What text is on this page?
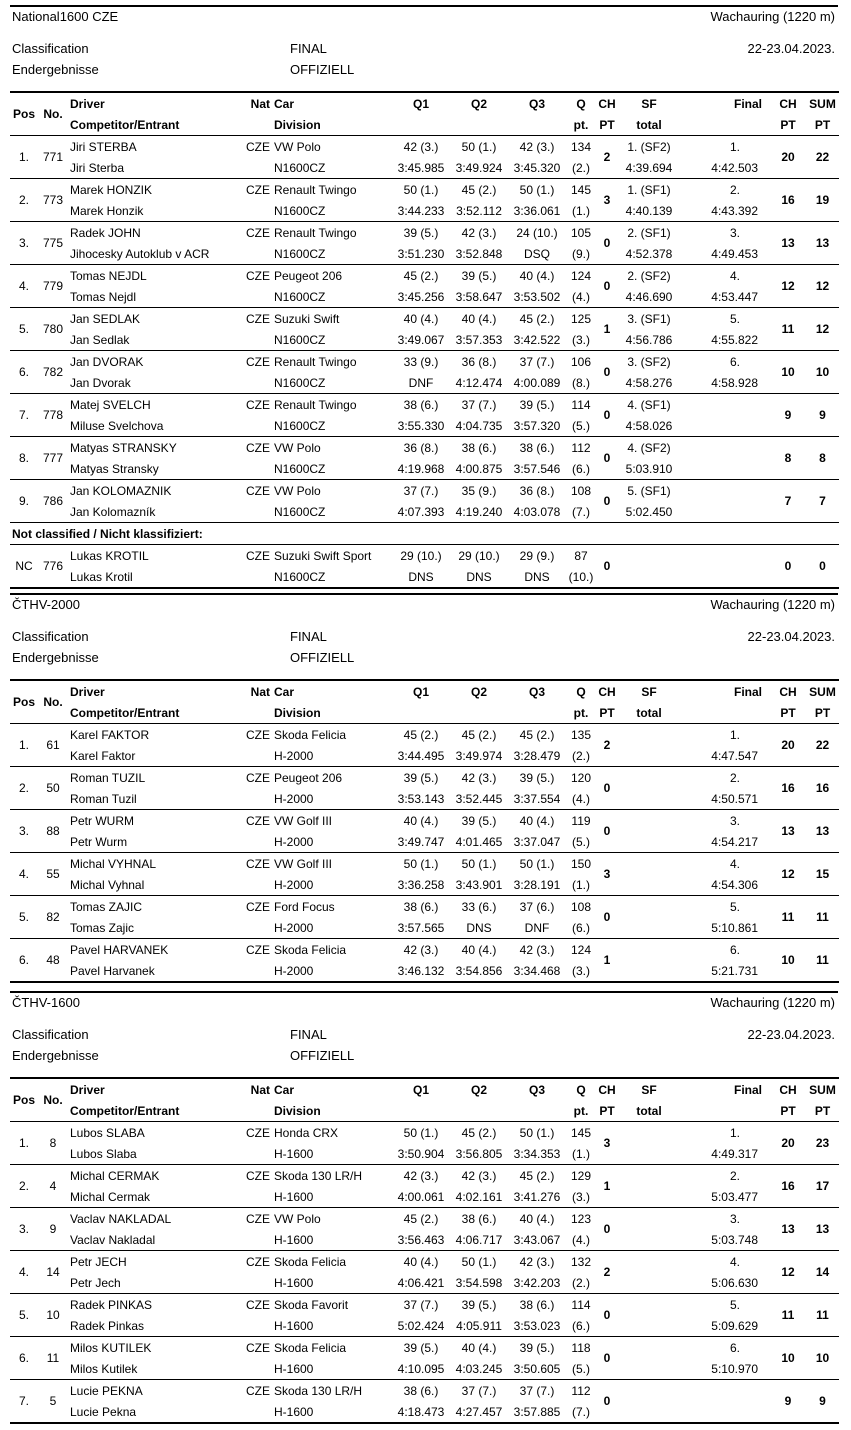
National1600 CZE	Wachauring (1220 m)
Classification
Endergebnisse
FINAL
OFFIZIELL
22-23.04.2023.
Pos	No.	Driver	Nat	Car	Q1	Q2	Q3	Q	CH	SF	Final	CH	SUM
		Competitor/Entrant		Division				pt.	PT	total		PT	PT
1.	771	Jiri STERBA	CZE	VW Polo	42 (3.)	50 (1.)	42 (3.)	134	2	1. (SF2)	1.	20	22
		Jiri Sterba		N1600CZ	3:45.985	3:49.924	3:45.320	(2.)		4:39.694	4:42.503		
2.	773	Marek HONZIK	CZE	Renault Twingo	50 (1.)	45 (2.)	50 (1.)	145	3	1. (SF1)	2.	16	19
		Marek Honzik		N1600CZ	3:44.233	3:52.112	3:36.061	(1.)		4:40.139	4:43.392		
3.	775	Radek JOHN	CZE	Renault Twingo	39 (5.)	42 (3.)	24 (10.)	105	0	2. (SF1)	3.	13	13
		Jihocesky Autoklub v ACR		N1600CZ	3:51.230	3:52.848	DSQ	(9.)		4:52.378	4:49.453		
4.	779	Tomas NEJDL	CZE	Peugeot 206	45 (2.)	39 (5.)	40 (4.)	124	0	2. (SF2)	4.	12	12
		Tomas Nejdl		N1600CZ	3:45.256	3:58.647	3:53.502	(4.)		4:46.690	4:53.447		
5.	780	Jan SEDLAK	CZE	Suzuki Swift	40 (4.)	40 (4.)	45 (2.)	125	1	3. (SF1)	5.	11	12
		Jan Sedlak		N1600CZ	3:49.067	3:57.353	3:42.522	(3.)		4:56.786	4:55.822		
6.	782	Jan DVORAK	CZE	Renault Twingo	33 (9.)	36 (8.)	37 (7.)	106	0	3. (SF2)	6.	10	10
		Jan Dvorak		N1600CZ	DNF	4:12.474	4:00.089	(8.)		4:58.276	4:58.928		
7.	778	Matej SVELCH	CZE	Renault Twingo	38 (6.)	37 (7.)	39 (5.)	114	0	4. (SF1)		9	9
		Miluse Svelchova		N1600CZ	3:55.330	4:04.735	3:57.320	(5.)		4:58.026			
8.	777	Matyas STRANSKY	CZE	VW Polo	36 (8.)	38 (6.)	38 (6.)	112	0	4. (SF2)		8	8
		Matyas Stransky		N1600CZ	4:19.968	4:00.875	3:57.546	(6.)		5:03.910			
9.	786	Jan KOLOMAZNIK	CZE	VW Polo	37 (7.)	35 (9.)	36 (8.)	108	0	5. (SF1)		7	7
		Jan Kolomazník		N1600CZ	4:07.393	4:19.240	4:03.078	(7.)		5:02.450			
Not classified / Nicht klassifiziert:													
NC	776	Lukas KROTIL	CZE	Suzuki Swift Sport	29 (10.)	29 (10.)	29 (9.)	87	0			0	0
		Lukas Krotil		N1600CZ	DNS	DNS	DNS	(10.)					
ČTHV-2000	Wachauring (1220 m)
Classification
Endergebnisse
FINAL
OFFIZIELL
22-23.04.2023.
Pos	No.	Driver	Nat	Car	Q1	Q2	Q3	Q	CH	SF	Final	CH	SUM
		Competitor/Entrant		Division				pt.	PT	total		PT	PT
1.	61	Karel FAKTOR	CZE	Skoda Felicia	45 (2.)	45 (2.)	45 (2.)	135	2		1.	20	22
		Karel Faktor		H-2000	3:44.495	3:49.974	3:28.479	(2.)			4:47.547		
2.	50	Roman TUZIL	CZE	Peugeot 206	39 (5.)	42 (3.)	39 (5.)	120	0		2.	16	16
		Roman Tuzil		H-2000	3:53.143	3:52.445	3:37.554	(4.)			4:50.571		
3.	88	Petr WURM	CZE	VW Golf III	40 (4.)	39 (5.)	40 (4.)	119	0		3.	13	13
		Petr Wurm		H-2000	3:49.747	4:01.465	3:37.047	(5.)			4:54.217		
4.	55	Michal VYHNAL	CZE	VW Golf III	50 (1.)	50 (1.)	50 (1.)	150	3		4.	12	15
		Michal Vyhnal		H-2000	3:36.258	3:43.901	3:28.191	(1.)			4:54.306		
5.	82	Tomas ZAJIC	CZE	Ford Focus	38 (6.)	33 (6.)	37 (6.)	108	0		5.	11	11
		Tomas Zajic		H-2000	3:57.565	DNS	DNF	(6.)			5:10.861		
6.	48	Pavel HARVANEK	CZE	Skoda Felicia	42 (3.)	40 (4.)	42 (3.)	124	1		6.	10	11
		Pavel Harvanek		H-2000	3:46.132	3:54.856	3:34.468	(3.)			5:21.731		
ČTHV-1600	Wachauring (1220 m)
Classification
Endergebnisse
FINAL
OFFIZIELL
22-23.04.2023.
Pos	No.	Driver	Nat	Car	Q1	Q2	Q3	Q	CH	SF	Final	CH	SUM
		Competitor/Entrant		Division				pt.	PT	total		PT	PT
1.	8	Lubos SLABA	CZE	Honda CRX	50 (1.)	45 (2.)	50 (1.)	145	3		1.	20	23
		Lubos Slaba		H-1600	3:50.904	3:56.805	3:34.353	(1.)			4:49.317		
2.	4	Michal CERMAK	CZE	Skoda 130 LR/H	42 (3.)	42 (3.)	45 (2.)	129	1		2.	16	17
		Michal Cermak		H-1600	4:00.061	4:02.161	3:41.276	(3.)			5:03.477		
3.	9	Vaclav NAKLADAL	CZE	VW Polo	45 (2.)	38 (6.)	40 (4.)	123	0		3.	13	13
		Vaclav Nakladal		H-1600	3:56.463	4:06.717	3:43.067	(4.)			5:03.748		
4.	14	Petr JECH	CZE	Skoda Felicia	40 (4.)	50 (1.)	42 (3.)	132	2		4.	12	14
		Petr Jech		H-1600	4:06.421	3:54.598	3:42.203	(2.)			5:06.630		
5.	10	Radek PINKAS	CZE	Skoda Favorit	37 (7.)	39 (5.)	38 (6.)	114	0		5.	11	11
		Radek Pinkas		H-1600	5:02.424	4:05.911	3:53.023	(6.)			5:09.629		
6.	11	Milos KUTILEK	CZE	Skoda Felicia	39 (5.)	40 (4.)	39 (5.)	118	0		6.	10	10
		Milos Kutilek		H-1600	4:10.095	4:03.245	3:50.605	(5.)			5:10.970		
7.	5	Lucie PEKNA	CZE	Skoda 130 LR/H	38 (6.)	37 (7.)	37 (7.)	112	0			9	9
		Lucie Pekna		H-1600	4:18.473	4:27.457	3:57.885	(7.)					
